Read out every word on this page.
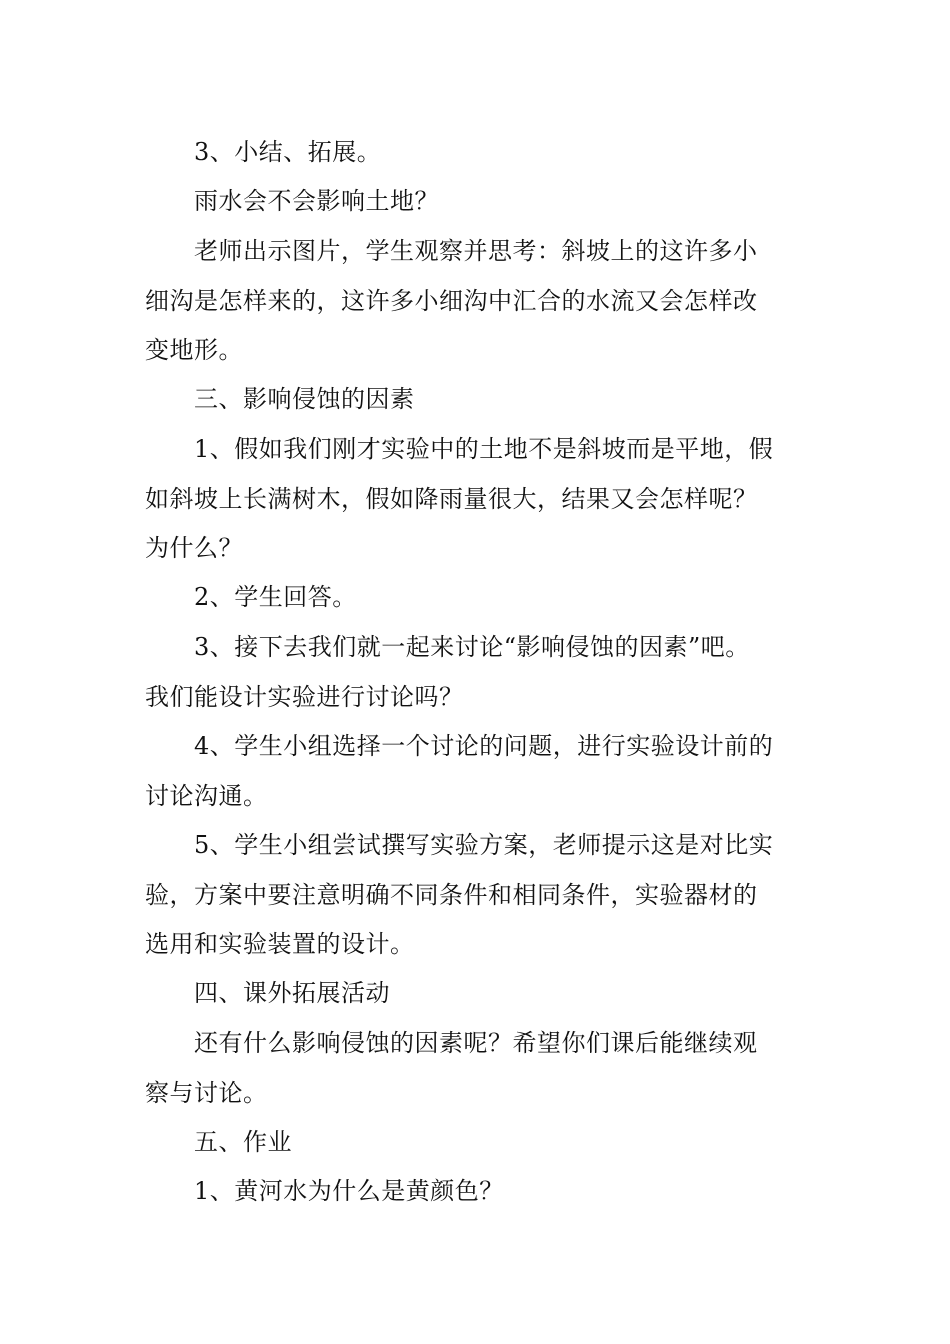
　　3、小结、拓展。
　　雨水会不会影响土地？
　　老师出示图片，学生观察并思考：斜坡上的这许多小
细沟是怎样来的，这许多小细沟中汇合的水流又会怎样改
变地形。
　　三、影响侵蚀的因素
　　1、假如我们刚才实验中的土地不是斜坡而是平地，假
如斜坡上长满树木，假如降雨量很大，结果又会怎样呢？
为什么？
　　2、学生回答。
　　3、接下去我们就一起来讨论“影响侵蚀的因素”吧。
我们能设计实验进行讨论吗？
　　4、学生小组选择一个讨论的问题，进行实验设计前的
讨论沟通。
　　5、学生小组尝试撰写实验方案，老师提示这是对比实
验，方案中要注意明确不同条件和相同条件，实验器材的
选用和实验装置的设计。
　　四、课外拓展活动
　　还有什么影响侵蚀的因素呢？希望你们课后能继续观
察与讨论。
　　五、作业
　　1、黄河水为什么是黄颜色？
